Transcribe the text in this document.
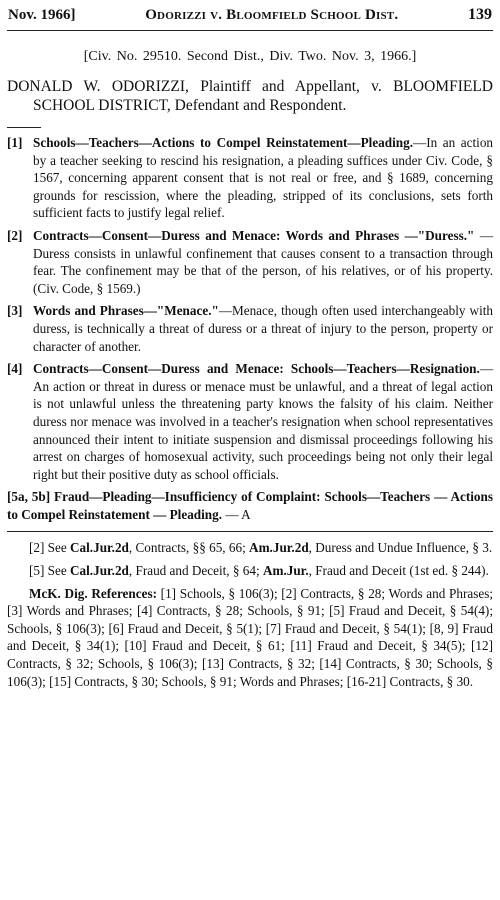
Nov. 1966]	Odorizzi v. Bloomfield School Dist.	139
[Civ. No. 29510. Second Dist., Div. Two. Nov. 3, 1966.]
DONALD W. ODORIZZI, Plaintiff and Appellant, v. BLOOMFIELD SCHOOL DISTRICT, Defendant and Respondent.
[1] Schools—Teachers—Actions to Compel Reinstatement—Pleading.—In an action by a teacher seeking to rescind his resignation, a pleading suffices under Civ. Code, § 1567, concerning apparent consent that is not real or free, and § 1689, concerning grounds for rescission, where the pleading, stripped of its conclusions, sets forth sufficient facts to justify legal relief.
[2] Contracts—Consent—Duress and Menace: Words and Phrases —"Duress." — Duress consists in unlawful confinement that causes consent to a transaction through fear. The confinement may be that of the person, of his relatives, or of his property. (Civ. Code, § 1569.)
[3] Words and Phrases—"Menace."—Menace, though often used interchangeably with duress, is technically a threat of duress or a threat of injury to the person, property or character of another.
[4] Contracts—Consent—Duress and Menace: Schools—Teachers—Resignation.—An action or threat in duress or menace must be unlawful, and a threat of legal action is not unlawful unless the threatening party knows the falsity of his claim. Neither duress nor menace was involved in a teacher's resignation when school representatives announced their intent to initiate suspension and dismissal proceedings following his arrest on charges of homosexual activity, such proceedings being not only their legal right but their positive duty as school officials.
[5a, 5b] Fraud—Pleading—Insufficiency of Complaint: Schools—Teachers — Actions to Compel Reinstatement — Pleading. — A

[2] See Cal.Jur.2d, Contracts, §§ 65, 66; Am.Jur.2d, Duress and Undue Influence, § 3.

[5] See Cal.Jur.2d, Fraud and Deceit, § 64; Am.Jur., Fraud and Deceit (1st ed. § 244).

McK. Dig. References: [1] Schools, § 106(3); [2] Contracts, § 28; Words and Phrases; [3] Words and Phrases; [4] Contracts, § 28; Schools, § 91; [5] Fraud and Deceit, § 54(4); Schools, § 106(3); [6] Fraud and Deceit, § 5(1); [7] Fraud and Deceit, § 54(1); [8, 9] Fraud and Deceit, § 34(1); [10] Fraud and Deceit, § 61; [11] Fraud and Deceit, § 34(5); [12] Contracts, § 32; Schools, § 106(3); [13] Contracts, § 32; [14] Contracts, § 30; Schools, § 106(3); [15] Contracts, § 30; Schools, § 91; Words and Phrases; [16-21] Contracts, § 30.
